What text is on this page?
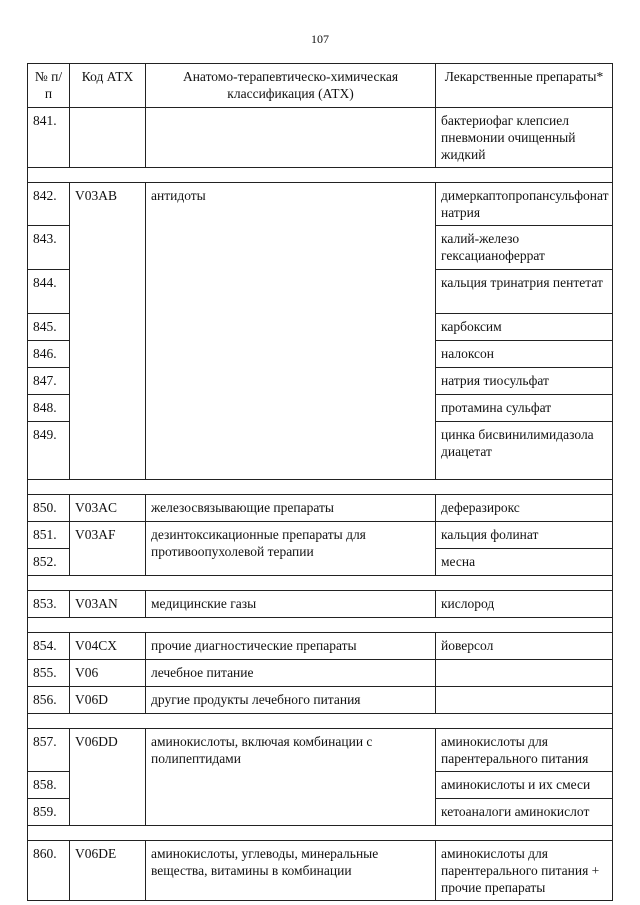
107
№ п/п	Код АТХ	Анатомо-терапевтическо-химическая классификация (АТХ)	Лекарственные препараты*
841.			бактериофаг клепсиел пневмонии очищенный жидкий

842.	V03AB	антидоты	димеркаптопропансульфонат натрия
843.			калий-железо гексацианоферрат
844.			кальция тринатрия пентетат
845.			карбоксим
846.			налоксон
847.			натрия тиосульфат
848.			протамина сульфат
849.			цинка бисвинилимидазола диацетат

850.	V03AC	железосвязывающие препараты	деферазирокс
851.	V03AF	дезинтоксикационные препараты для противоопухолевой терапии	кальция фолинат
852.			месна

853.	V03AN	медицинские газы	кислород

854.	V04CX	прочие диагностические препараты	йоверсол
855.	V06	лечебное питание	
856.	V06D	другие продукты лечебного питания	

857.	V06DD	аминокислоты, включая комбинации с полипептидами	аминокислоты для парентерального питания
858.			аминокислоты и их смеси
859.			кетоаналоги аминокислот

860.	V06DE	аминокислоты, углеводы, минеральные вещества, витамины в комбинации	аминокислоты для парентерального питания + прочие препараты
